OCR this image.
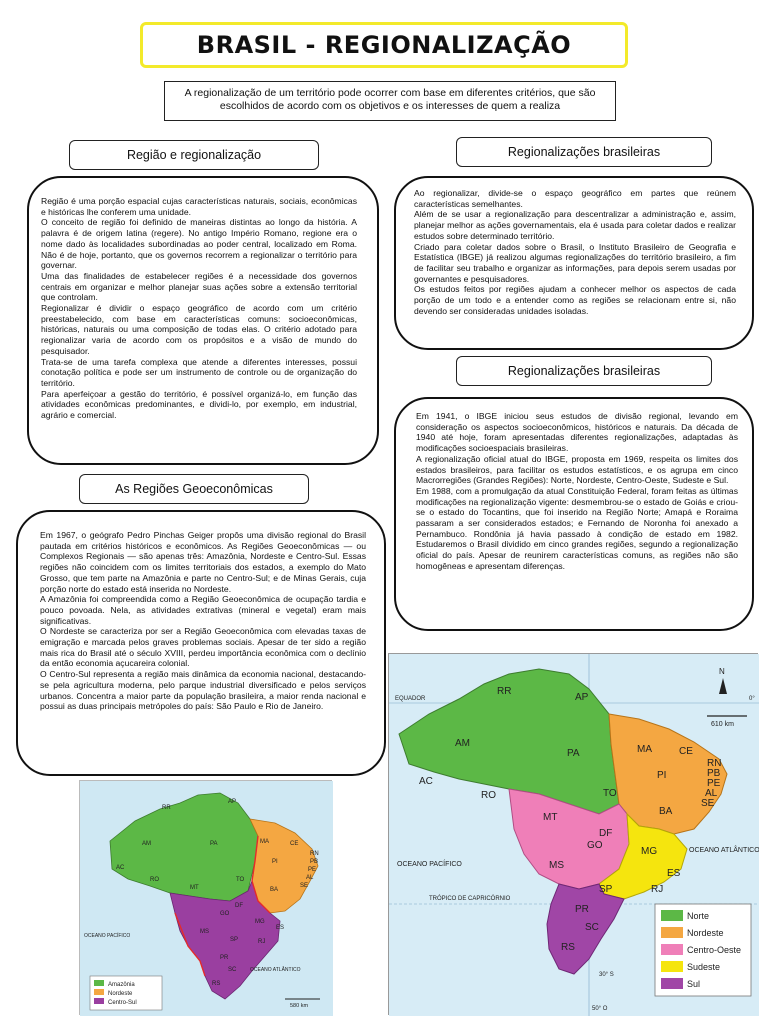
BRASIL - REGIONALIZAÇÃO

A regionalização de um território pode ocorrer com base em diferentes critérios, que são escolhidos de acordo com os objetivos e os interesses de quem a realiza

Região e regionalização

Região é uma porção espacial cujas características naturais, sociais, econômicas e históricas lhe conferem uma unidade.

O conceito de região foi definido de maneiras distintas ao longo da história. A palavra é de origem latina (regere). No antigo Império Romano, regione era o nome dado às localidades subordinadas ao poder central, localizado em Roma. Não é de hoje, portanto, que os governos recorrem a regionalizar o território para governar.

Uma das finalidades de estabelecer regiões é a necessidade dos governos centrais em organizar e melhor planejar suas ações sobre a extensão territorial que controlam.

Regionalizar é dividir o espaço geográfico de acordo com um critério preestabelecido, com base em características comuns: socioeconômicas, históricas, naturais ou uma composição de todas elas. O critério adotado para regionalizar varia de acordo com os propósitos e a visão de mundo do pesquisador.

Trata-se de uma tarefa complexa que atende a diferentes interesses, possui conotação política e pode ser um instrumento de controle ou de organização do território.

Para aperfeiçoar a gestão do território, é possível organizá-lo, em função das atividades econômicas predominantes, e dividi-lo, por exemplo, em industrial, agrário e comercial.

Regionalizações brasileiras

Ao regionalizar, divide-se o espaço geográfico em partes que reúnem características semelhantes.

Além de se usar a regionalização para descentralizar a administração e, assim, planejar melhor as ações governamentais, ela é usada para coletar dados e realizar estudos sobre determinado território.

Criado para coletar dados sobre o Brasil, o Instituto Brasileiro de Geografia e Estatística (IBGE) já realizou algumas regionalizações do território brasileiro, a fim de facilitar seu trabalho e organizar as informações, para depois serem usadas por governantes e pesquisadores.

Os estudos feitos por regiões ajudam a conhecer melhor os aspectos de cada porção de um todo e a entender como as regiões se relacionam entre si, não devendo ser consideradas unidades isoladas.

Regionalizações brasileiras

Em 1941, o IBGE iniciou seus estudos de divisão regional, levando em consideração os aspectos socioeconômicos, históricos e naturais. Da década de 1940 até hoje, foram apresentadas diferentes regionalizações, adaptadas às modificações socioespaciais brasileiras.

A regionalização oficial atual do IBGE, proposta em 1969, respeita os limites dos estados brasileiros, para facilitar os estudos estatísticos, e os agrupa em cinco Macrorregiões (Grandes Regiões): Norte, Nordeste, Centro-Oeste, Sudeste e Sul.

Em 1988, com a promulgação da atual Constituição Federal, foram feitas as últimas modificações na regionalização vigente: desmembrou-se o estado de Goiás e criou-se o estado do Tocantins, que foi inserido na Região Norte; Amapá e Roraima passaram a ser considerados estados; e Fernando de Noronha foi anexado a Pernambuco. Rondônia já havia passado à condição de estado em 1982. Estudaremos o Brasil dividido em cinco grandes regiões, segundo a regionalização oficial do país. Apesar de reunirem características comuns, as regiões não são homogêneas e apresentam diferenças.

As Regiões Geoeconômicas

Em 1967, o geógrafo Pedro Pinchas Geiger propôs uma divisão regional do Brasil pautada em critérios históricos e econômicos. As Regiões Geoeconômicas — ou Complexos Regionais — são apenas três: Amazônia, Nordeste e Centro-Sul. Essas regiões não coincidem com os limites territoriais dos estados, a exemplo do Mato Grosso, que tem parte na Amazônia e parte no Centro-Sul; e de Minas Gerais, cuja porção norte do estado está inserida no Nordeste.

A Amazônia foi compreendida como a Região Geoeconômica de ocupação tardia e pouco povoada. Nela, as atividades extrativas (mineral e vegetal) eram mais significativas.

O Nordeste se caracteriza por ser a Região Geoeconômica com elevadas taxas de emigração e marcada pelos graves problemas sociais. Apesar de ter sido a região mais rica do Brasil até o século XVIII, perdeu importância econômica com o declínio da então economia açucareira colonial.

O Centro-Sul representa a região mais dinâmica da economia nacional, destacando-se pela agricultura moderna, pelo parque industrial diversificado e pelos serviços urbanos. Concentra a maior parte da população brasileira, a maior renda nacional e possui as duas principais metrópoles do país: São Paulo e Rio de Janeiro.

RR
AP
AM	PA	MA	CE
RN
PB
PE
AL
SE
PI
BA
AC
RO
MT
TO
GO
DF
MG
ES
MS
SP	RJ
PR
SC
RS
OCEANO PACÍFICO
OCEANO ATLÂNTICO
Amazônia
Nordeste
Centro-Sul	580 km
RR
AP
AM
PA	MA	CE
RN
PB
PE
AL
SE
PI
BA
AC
RO
MT
TO
DF
GO
MG
ES
MS
SP	RJ
PR
SC
RS
EQUADOR
TRÓPICO DE CAPRICÓRNIO
OCEANO PACÍFICO
OCEANO ATLÂNTICO
N
610 km
50° O
0°
30° S
Norte
Nordeste
Centro-Oeste
Sudeste
Sul
